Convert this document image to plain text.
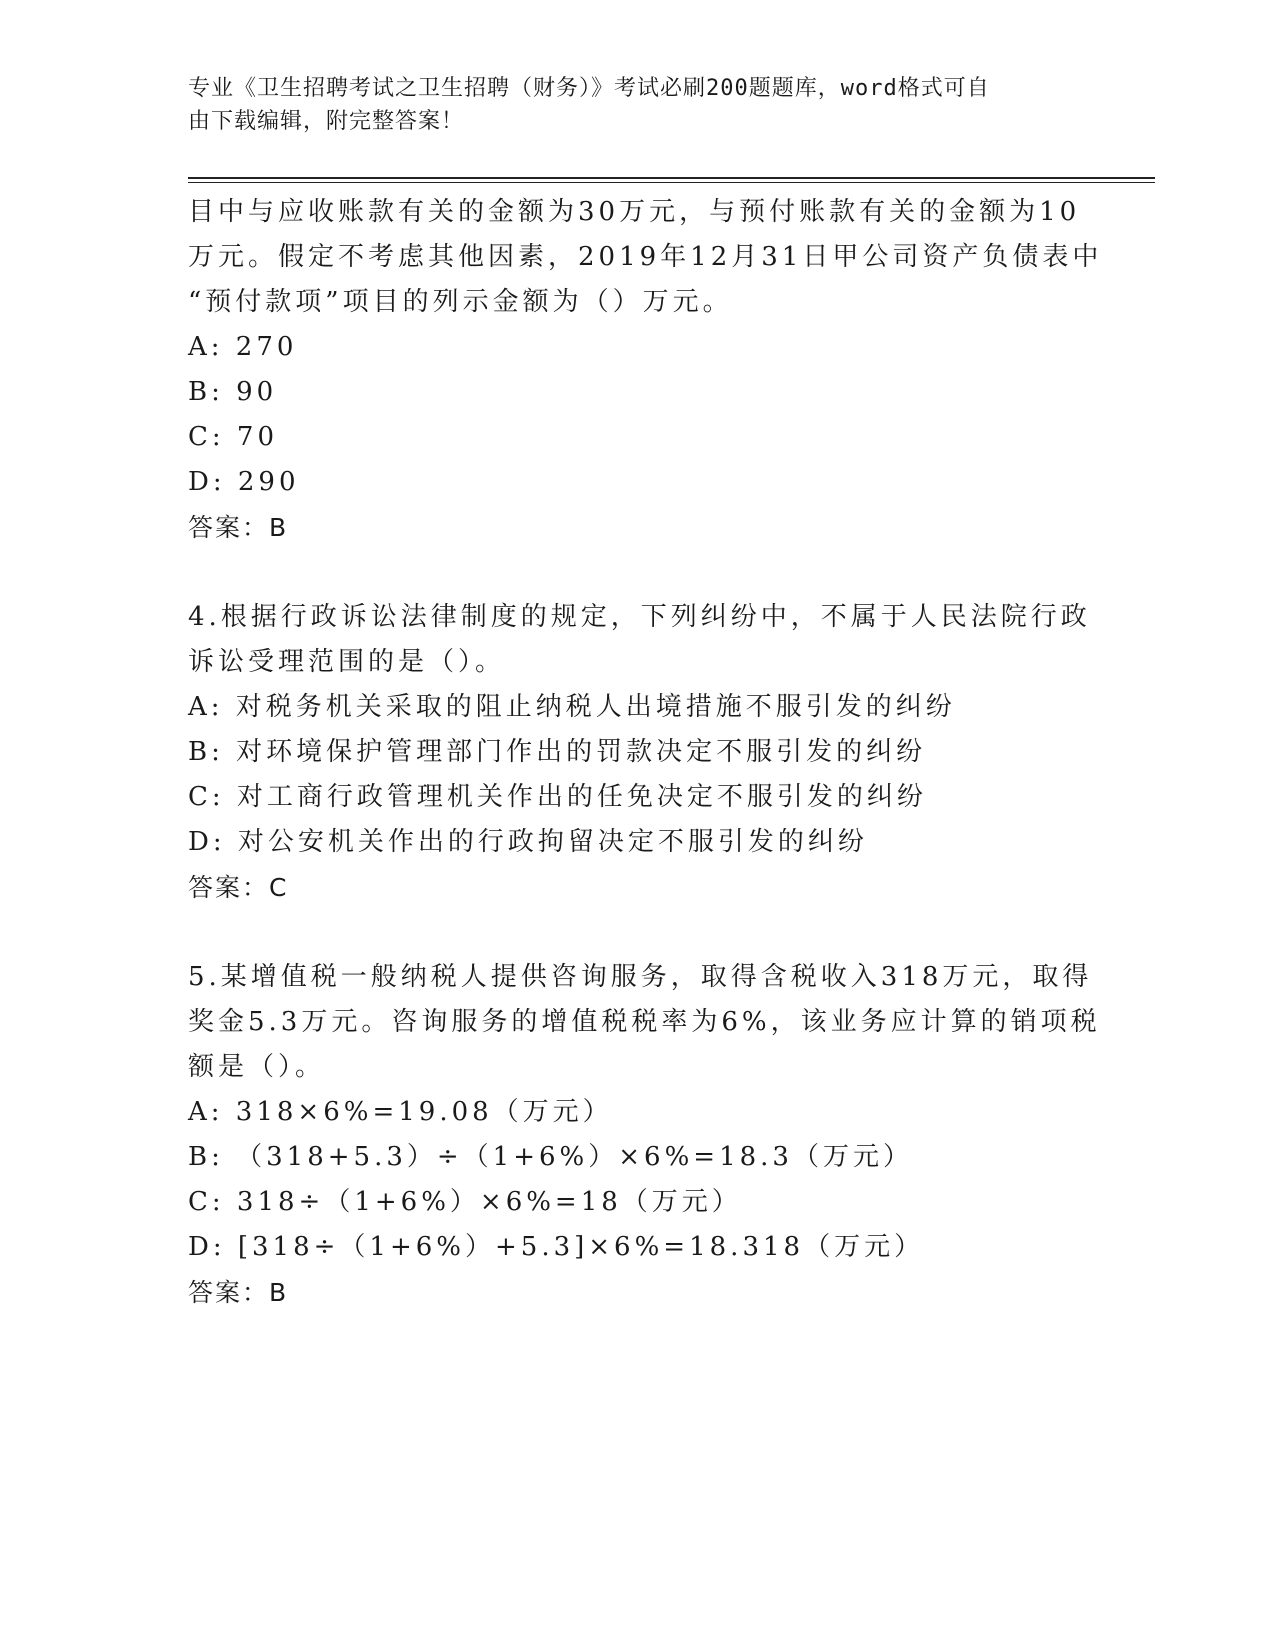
专业《卫生招聘考试之卫生招聘（财务）》考试必刷200题题库，word格式可自
由下载编辑，附完整答案！
目中与应收账款有关的金额为30万元，与预付账款有关的金额为10
万元。假定不考虑其他因素，2019年12月31日甲公司资产负债表中
“预付款项”项目的列示金额为（）万元。
A: 270
B: 90
C: 70
D: 290
答案：B
4.根据行政诉讼法律制度的规定，下列纠纷中，不属于人民法院行政
诉讼受理范围的是（）。
A: 对税务机关采取的阻止纳税人出境措施不服引发的纠纷
B: 对环境保护管理部门作出的罚款决定不服引发的纠纷
C: 对工商行政管理机关作出的任免决定不服引发的纠纷
D: 对公安机关作出的行政拘留决定不服引发的纠纷
答案：C
5.某增值税一般纳税人提供咨询服务，取得含税收入318万元，取得
奖金5.3万元。咨询服务的增值税税率为6%，该业务应计算的销项税
额是（）。
A: 318×6%=19.08（万元）
B: （318+5.3）÷（1+6%）×6%=18.3（万元）
C: 318÷（1+6%）×6%=18（万元）
D: [318÷（1+6%）+5.3]×6%=18.318（万元）
答案：B
